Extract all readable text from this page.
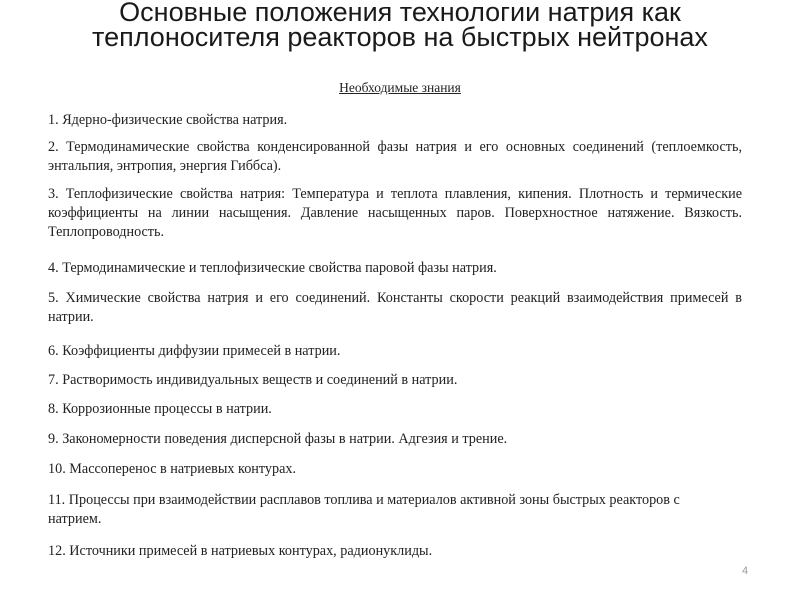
Основные положения технологии натрия как теплоносителя реакторов на быстрых нейтронах
Необходимые знания
1. Ядерно-физические свойства натрия.
2. Термодинамические свойства конденсированной фазы натрия и его основных соединений (теплоемкость, энтальпия, энтропия, энергия Гиббса).
3. Теплофизические свойства натрия: Температура и теплота плавления, кипения. Плотность и термические коэффициенты на линии насыщения. Давление насыщенных паров. Поверхностное натяжение. Вязкость. Теплопроводность.
4. Термодинамические и теплофизические свойства паровой фазы натрия.
5. Химические свойства натрия и его соединений. Константы скорости реакций взаимодействия примесей в натрии.
6. Коэффициенты диффузии примесей в натрии.
7. Растворимость индивидуальных веществ и соединений в натрии.
8. Коррозионные процессы в натрии.
9. Закономерности поведения дисперсной фазы в натрии. Адгезия и трение.
10. Массоперенос в натриевых контурах.
11. Процессы при взаимодействии расплавов топлива и материалов активной зоны быстрых реакторов с натрием.
12. Источники примесей в натриевых контурах, радионуклиды.
4
